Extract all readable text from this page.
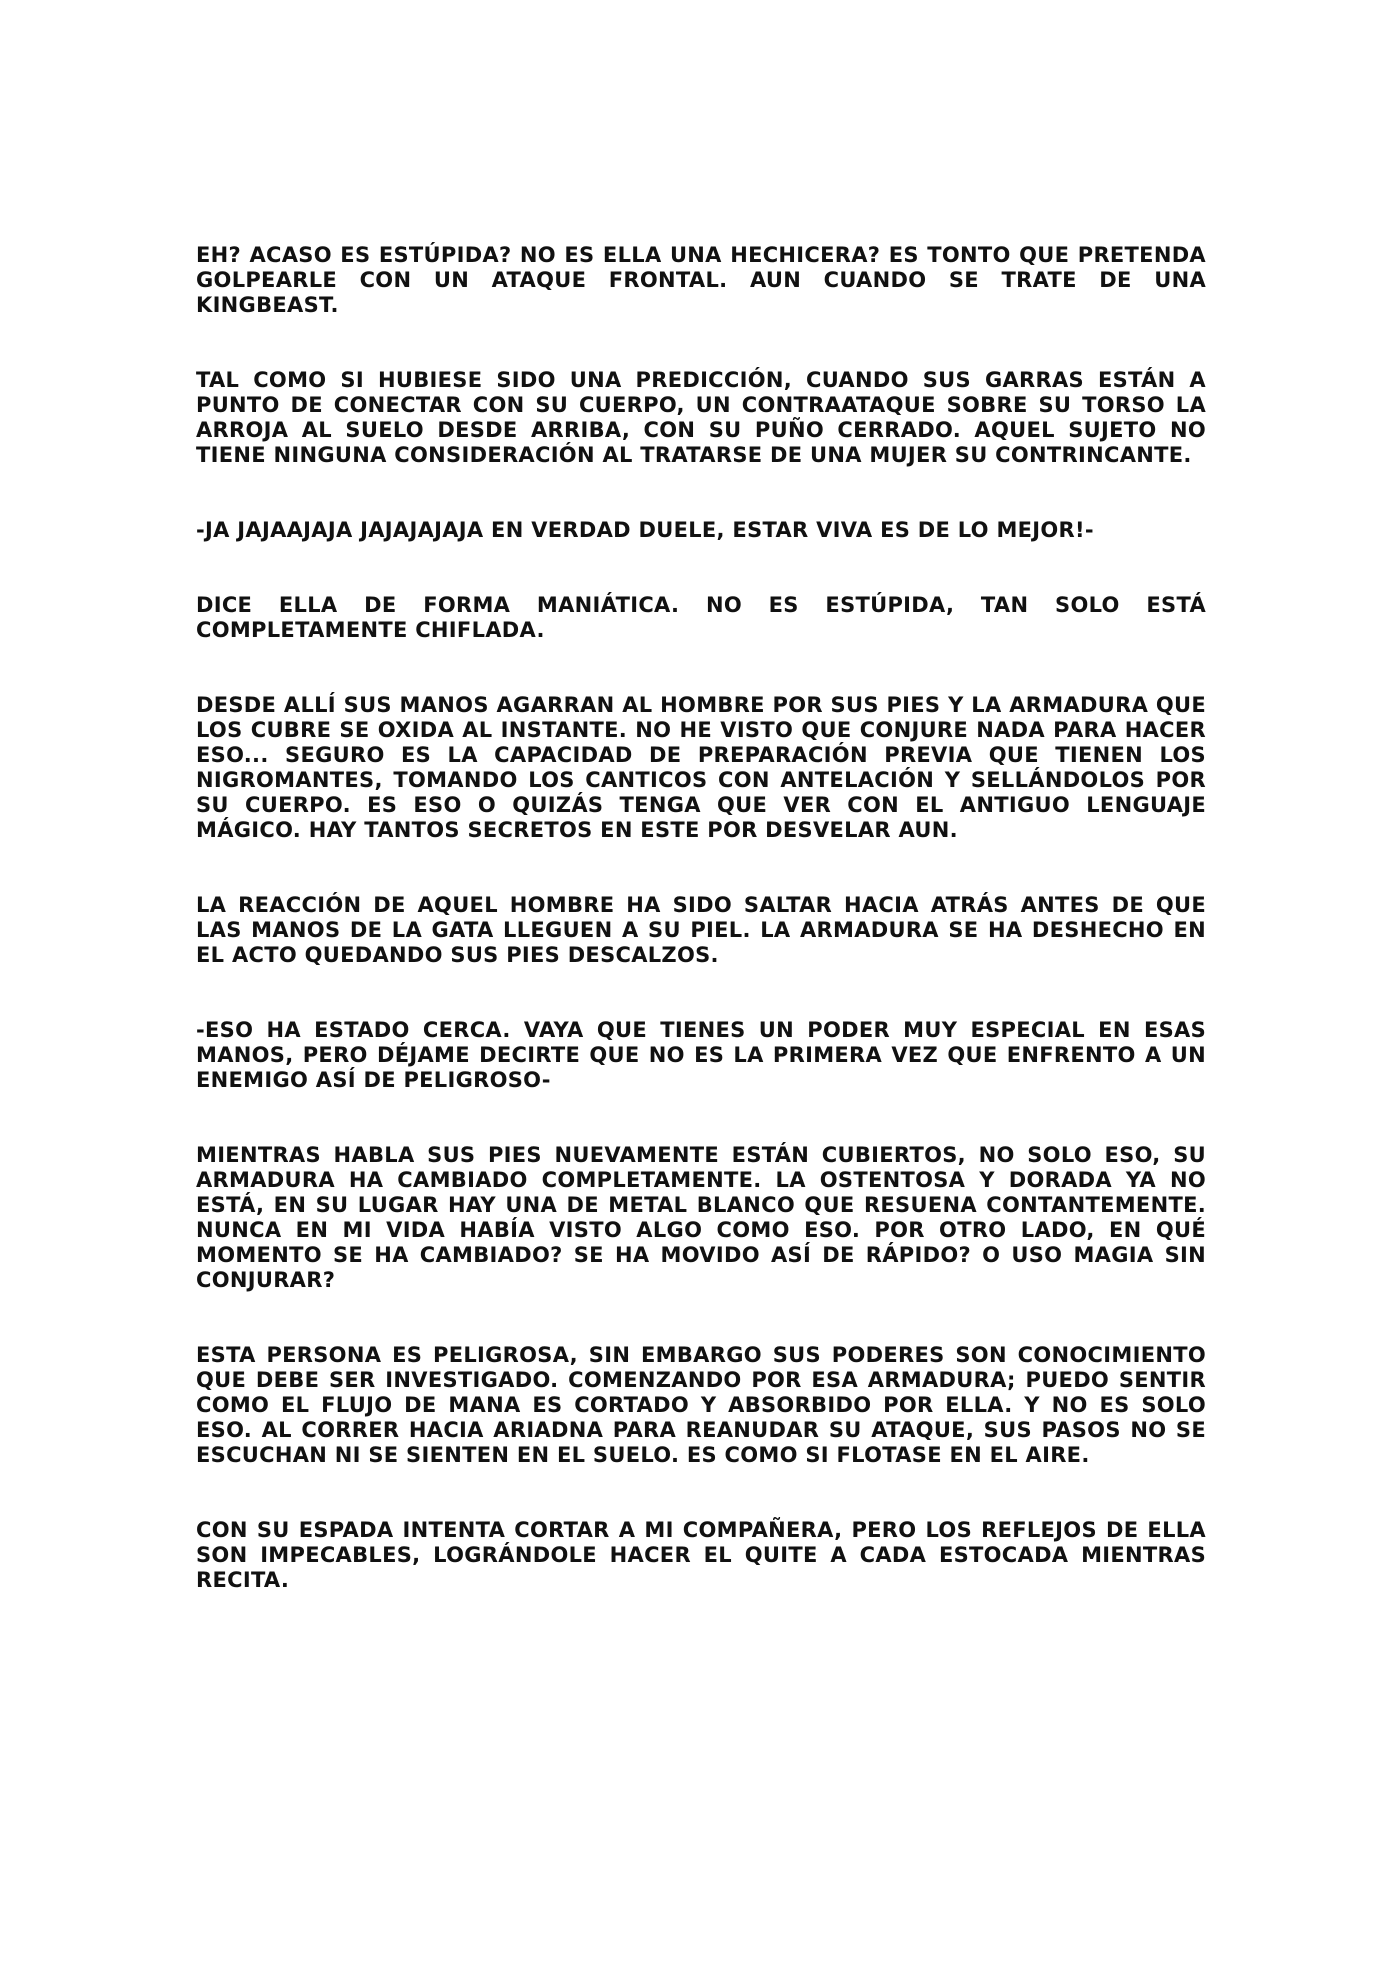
EH? ACASO ES ESTÚPIDA? NO ES ELLA UNA HECHICERA? ES TONTO QUE PRETENDA GOLPEARLE CON UN ATAQUE FRONTAL. AUN CUANDO SE TRATE DE UNA KINGBEAST.

TAL COMO SI HUBIESE SIDO UNA PREDICCIÓN, CUANDO SUS GARRAS ESTÁN A PUNTO DE CONECTAR CON SU CUERPO, UN CONTRAATAQUE SOBRE SU TORSO LA ARROJA AL SUELO DESDE ARRIBA, CON SU PUÑO CERRADO. AQUEL SUJETO NO TIENE NINGUNA CONSIDERACIÓN AL TRATARSE DE UNA MUJER SU CONTRINCANTE.

-JA JAJAAJAJA JAJAJAJAJA EN VERDAD DUELE, ESTAR VIVA ES DE LO MEJOR!-

DICE ELLA DE FORMA MANIÁTICA. NO ES ESTÚPIDA, TAN SOLO ESTÁ COMPLETAMENTE CHIFLADA.

DESDE ALLÍ SUS MANOS AGARRAN AL HOMBRE POR SUS PIES Y LA ARMADURA QUE LOS CUBRE SE OXIDA AL INSTANTE. NO HE VISTO QUE CONJURE NADA PARA HACER ESO... SEGURO ES LA CAPACIDAD DE PREPARACIÓN PREVIA QUE TIENEN LOS NIGROMANTES, TOMANDO LOS CANTICOS CON ANTELACIÓN Y SELLÁNDOLOS POR SU CUERPO. ES ESO O QUIZÁS TENGA QUE VER CON EL ANTIGUO LENGUAJE MÁGICO. HAY TANTOS SECRETOS EN ESTE POR DESVELAR AUN.

LA REACCIÓN DE AQUEL HOMBRE HA SIDO SALTAR HACIA ATRÁS ANTES DE QUE LAS MANOS DE LA GATA LLEGUEN A SU PIEL. LA ARMADURA SE HA DESHECHO EN EL ACTO QUEDANDO SUS PIES DESCALZOS.

-ESO HA ESTADO CERCA. VAYA QUE TIENES UN PODER MUY ESPECIAL EN ESAS MANOS, PERO DÉJAME DECIRTE QUE NO ES LA PRIMERA VEZ QUE ENFRENTO A UN ENEMIGO ASÍ DE PELIGROSO-

MIENTRAS HABLA SUS PIES NUEVAMENTE ESTÁN CUBIERTOS, NO SOLO ESO, SU ARMADURA HA CAMBIADO COMPLETAMENTE. LA OSTENTOSA Y DORADA YA NO ESTÁ, EN SU LUGAR HAY UNA DE METAL BLANCO QUE RESUENA CONTANTEMENTE. NUNCA EN MI VIDA HABÍA VISTO ALGO COMO ESO. POR OTRO LADO, EN QUÉ MOMENTO SE HA CAMBIADO? SE HA MOVIDO ASÍ DE RÁPIDO? O USO MAGIA SIN CONJURAR?

ESTA PERSONA ES PELIGROSA, SIN EMBARGO SUS PODERES SON CONOCIMIENTO QUE DEBE SER INVESTIGADO. COMENZANDO POR ESA ARMADURA; PUEDO SENTIR COMO EL FLUJO DE MANA ES CORTADO Y ABSORBIDO POR ELLA. Y NO ES SOLO ESO. AL CORRER HACIA ARIADNA PARA REANUDAR SU ATAQUE, SUS PASOS NO SE ESCUCHAN NI SE SIENTEN EN EL SUELO. ES COMO SI FLOTASE EN EL AIRE.

CON SU ESPADA INTENTA CORTAR A MI COMPAÑERA, PERO LOS REFLEJOS DE ELLA SON IMPECABLES, LOGRÁNDOLE HACER EL QUITE A CADA ESTOCADA MIENTRAS RECITA.
